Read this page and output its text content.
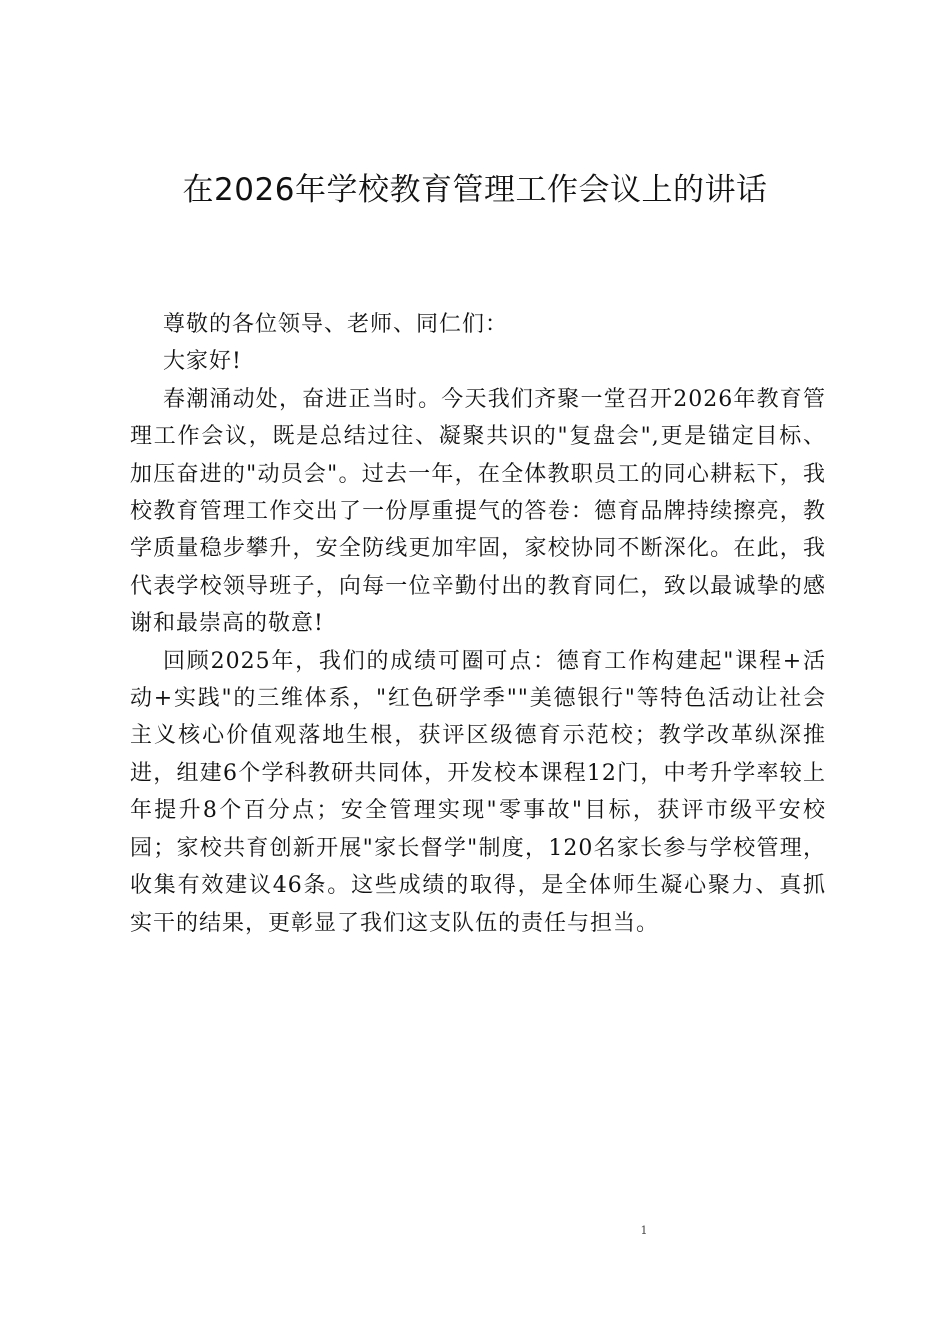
在2026年学校教育管理工作会议上的讲话

尊敬的各位领导、老师、同仁们：

大家好!

春潮涌动处，奋进正当时。今天我们齐聚一堂召开2026年教育管理工作会议，既是总结过往、凝聚共识的"复盘会",更是锚定目标、加压奋进的"动员会"。过去一年，在全体教职员工的同心耕耘下，我校教育管理工作交出了一份厚重提气的答卷：德育品牌持续擦亮，教学质量稳步攀升，安全防线更加牢固，家校协同不断深化。在此，我代表学校领导班子，向每一位辛勤付出的教育同仁，致以最诚挚的感谢和最崇高的敬意!

回顾2025年，我们的成绩可圈可点：德育工作构建起"课程+活动+实践"的三维体系，"红色研学季""美德银行"等特色活动让社会主义核心价值观落地生根，获评区级德育示范校；教学改革纵深推进，组建6个学科教研共同体，开发校本课程12门，中考升学率较上年提升8个百分点；安全管理实现"零事故"目标，获评市级平安校园；家校共育创新开展"家长督学"制度，120名家长参与学校管理，收集有效建议46条。这些成绩的取得，是全体师生凝心聚力、真抓实干的结果，更彰显了我们这支队伍的责任与担当。

1
